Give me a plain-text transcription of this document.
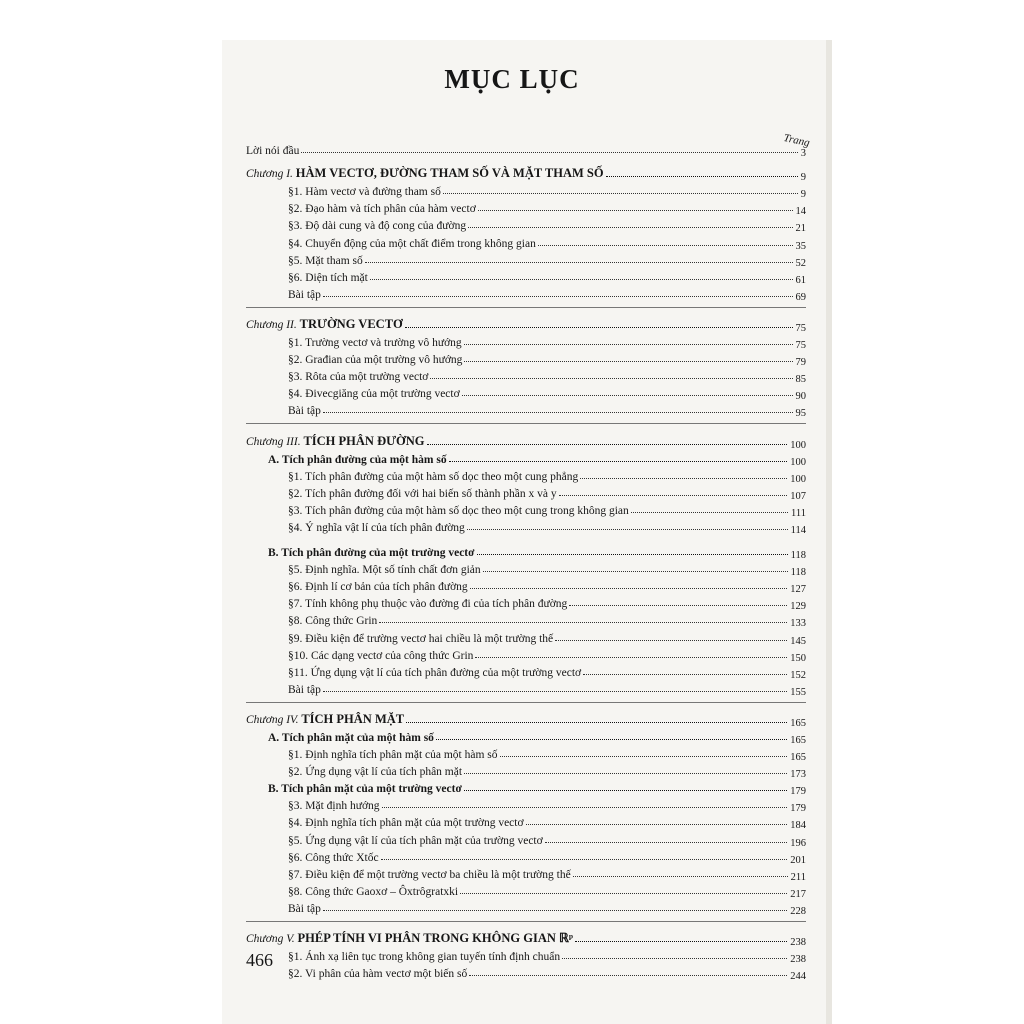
MỤC LỤC
Trang
Lời nói đầu	3
Chương I. HÀM VECTƠ, ĐƯỜNG THAM SỐ VÀ MẶT THAM SỐ	9
§1. Hàm vectơ và đường tham số	9
§2. Đạo hàm và tích phân của hàm vectơ	14
§3. Độ dài cung và độ cong của đường	21
§4. Chuyển động của một chất điểm trong không gian	35
§5. Mặt tham số	52
§6. Diện tích mặt	61
Bài tập	69
Chương II. TRƯỜNG VECTƠ	75
§1. Trường vectơ và trường vô hướng	75
§2. Građian của một trường vô hướng	79
§3. Rôta của một trường vectơ	85
§4. Đivecgiăng của một trường vectơ	90
Bài tập	95
Chương III. TÍCH PHÂN ĐƯỜNG	100
A. Tích phân đường của một hàm số	100
§1. Tích phân đường của một hàm số dọc theo một cung phẳng	100
§2. Tích phân đường đối với hai biến số thành phần x và y	107
§3. Tích phân đường của một hàm số dọc theo một cung trong không gian	111
§4. Ý nghĩa vật lí của tích phân đường	114
B. Tích phân đường của một trường vectơ	118
§5. Định nghĩa. Một số tính chất đơn giản	118
§6. Định lí cơ bản của tích phân đường	127
§7. Tính không phụ thuộc vào đường đi của tích phân đường	129
§8. Công thức Grin	133
§9. Điều kiện để trường vectơ hai chiều là một trường thế	145
§10. Các dạng vectơ của công thức Grin	150
§11. Ứng dụng vật lí của tích phân đường của một trường vectơ	152
Bài tập	155
Chương IV. TÍCH PHÂN MẶT	165
A. Tích phân mặt của một hàm số	165
§1. Định nghĩa tích phân mặt của một hàm số	165
§2. Ứng dụng vật lí của tích phân mặt	173
B. Tích phân mặt của một trường vectơ	179
§3. Mặt định hướng	179
§4. Định nghĩa tích phân mặt của một trường vectơ	184
§5. Ứng dụng vật lí của tích phân mặt của trường vectơ	196
§6. Công thức Xtốc	201
§7. Điều kiện để một trường vectơ ba chiều là một trường thế	211
§8. Công thức Gaoxơ – Ôxtrôgratxki	217
Bài tập	228
Chương V. PHÉP TÍNH VI PHÂN TRONG KHÔNG GIAN ℝᵖ	238
§1. Ánh xạ liên tục trong không gian tuyến tính định chuẩn	238
§2. Vi phân của hàm vectơ một biến số	244
466
